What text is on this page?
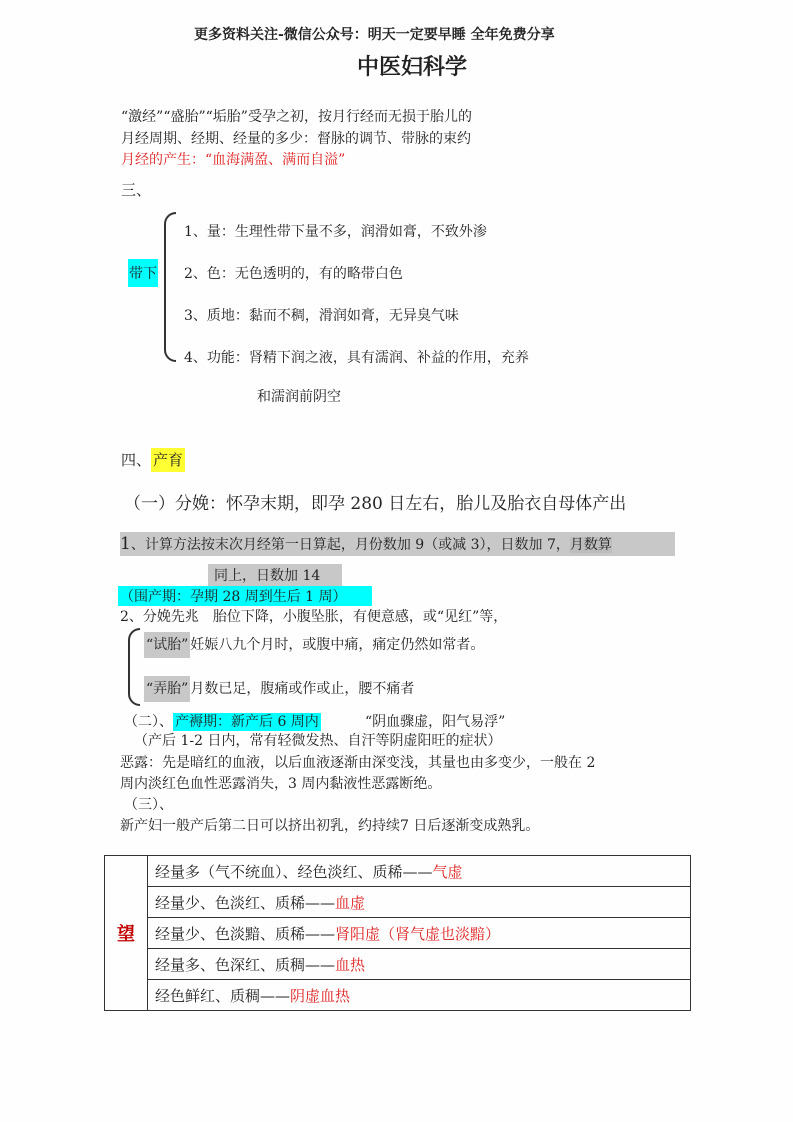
更多资料关注-微信公众号：明天一定要早睡 全年免费分享
中医妇科学
“激经”“盛胎”“垢胎”受孕之初，按月行经而无损于胎儿的
月经周期、经期、经量的多少：督脉的调节、带脉的束约
月经的产生：“血海满盈、满而自溢”
三、
带下
1、量：生理性带下量不多，润滑如膏，不致外渗
2、色：无色透明的，有的略带白色
3、质地：黏而不稠，滑润如膏，无异臭气味
4、功能：肾精下润之液，具有濡润、补益的作用，充养
和濡润前阴空
四、 产育
（一）分娩：怀孕末期，即孕 280 日左右，胎儿及胎衣自母体产出
1、计算方法按末次月经第一日算起，月份数加 9（或减 3），日数加 7，月数算
同上，日数加 14
（围产期：孕期 28 周到生后 1 周）
2、分娩先兆　胎位下降，小腹坠胀，有便意感，或“见红”等，
“试胎” 妊娠八九个月时，或腹中痛，痛定仍然如常者。
“弄胎” 月数已足，腹痛或作或止，腰不痛者
（二）、 产褥期：新产后 6 周内	“阴血骤虚，阳气易浮”
（产后 1-2 日内，常有轻微发热、自汗等阴虚阳旺的症状）
恶露：先是暗红的血液，以后血液逐渐由深变浅，其量也由多变少，一般在 2
周内淡红色血性恶露消失，3 周内黏液性恶露断绝。
（三）、
新产妇一般产后第二日可以挤出初乳，约持续7 日后逐渐变成熟乳。
望	经量多（气不统血）、经色淡红、质稀——气虚
经量少、色淡红、质稀——血虚
经量少、色淡黯、质稀——肾阳虚（肾气虚也淡黯）
经量多、色深红、质稠——血热
经色鲜红、质稠——阴虚血热
